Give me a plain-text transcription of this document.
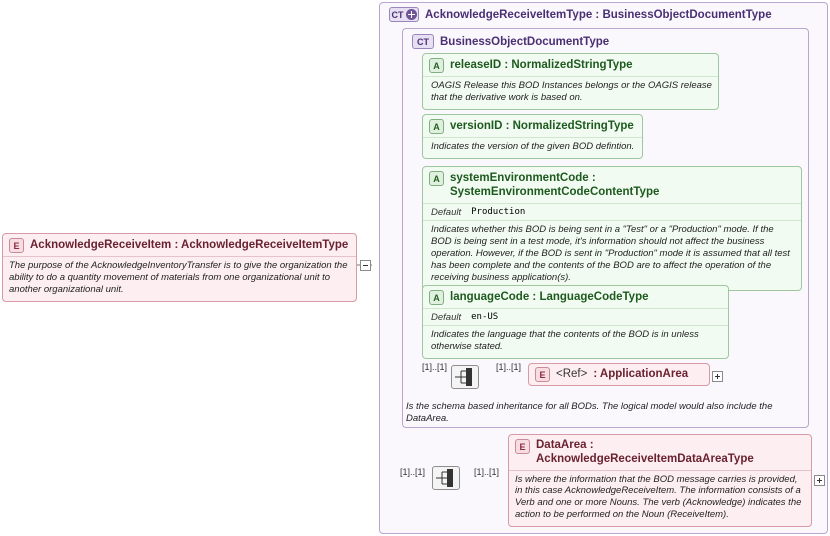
E AcknowledgeReceiveItem : AcknowledgeReceiveItemType
The purpose of the AcknowledgeInventoryTransfer is to give the organization the ability to do a quantity movement of materials from one organizational unit to another organizational unit.
CT AcknowledgeReceiveItemType : BusinessObjectDocumentType
CT BusinessObjectDocumentType
Is the schema based inheritance for all BODs. The logical model would also include the DataArea.
A releaseID : NormalizedStringType
OAGIS Release this BOD Instances belongs or the OAGIS release that the derivative work is based on.
A versionID : NormalizedStringType
Indicates the version of the given BOD defintion.
A systemEnvironmentCode : SystemEnvironmentCodeContentType
Default Production
Indicates whether this BOD is being sent in a "Test" or a "Production" mode. If the BOD is being sent in a test mode, it's information should not affect the business operation. However, if the BOD is sent in "Production" mode it is assumed that all test has been complete and the contents of the BOD are to affect the operation of the receiving business application(s).
A languageCode : LanguageCodeType
Default en-US
Indicates the language that the contents of the BOD is in unless otherwise stated.
[1]..[1]	[1]..[1]
E <Ref> : ApplicationArea
[1]..[1]	[1]..[1]
E DataArea : AcknowledgeReceiveItemDataAreaType
Is where the information that the BOD message carries is provided, in this case AcknowledgeReceiveItem. The information consists of a Verb and one or more Nouns. The verb (Acknowledge) indicates the action to be performed on the Noun (ReceiveItem).
